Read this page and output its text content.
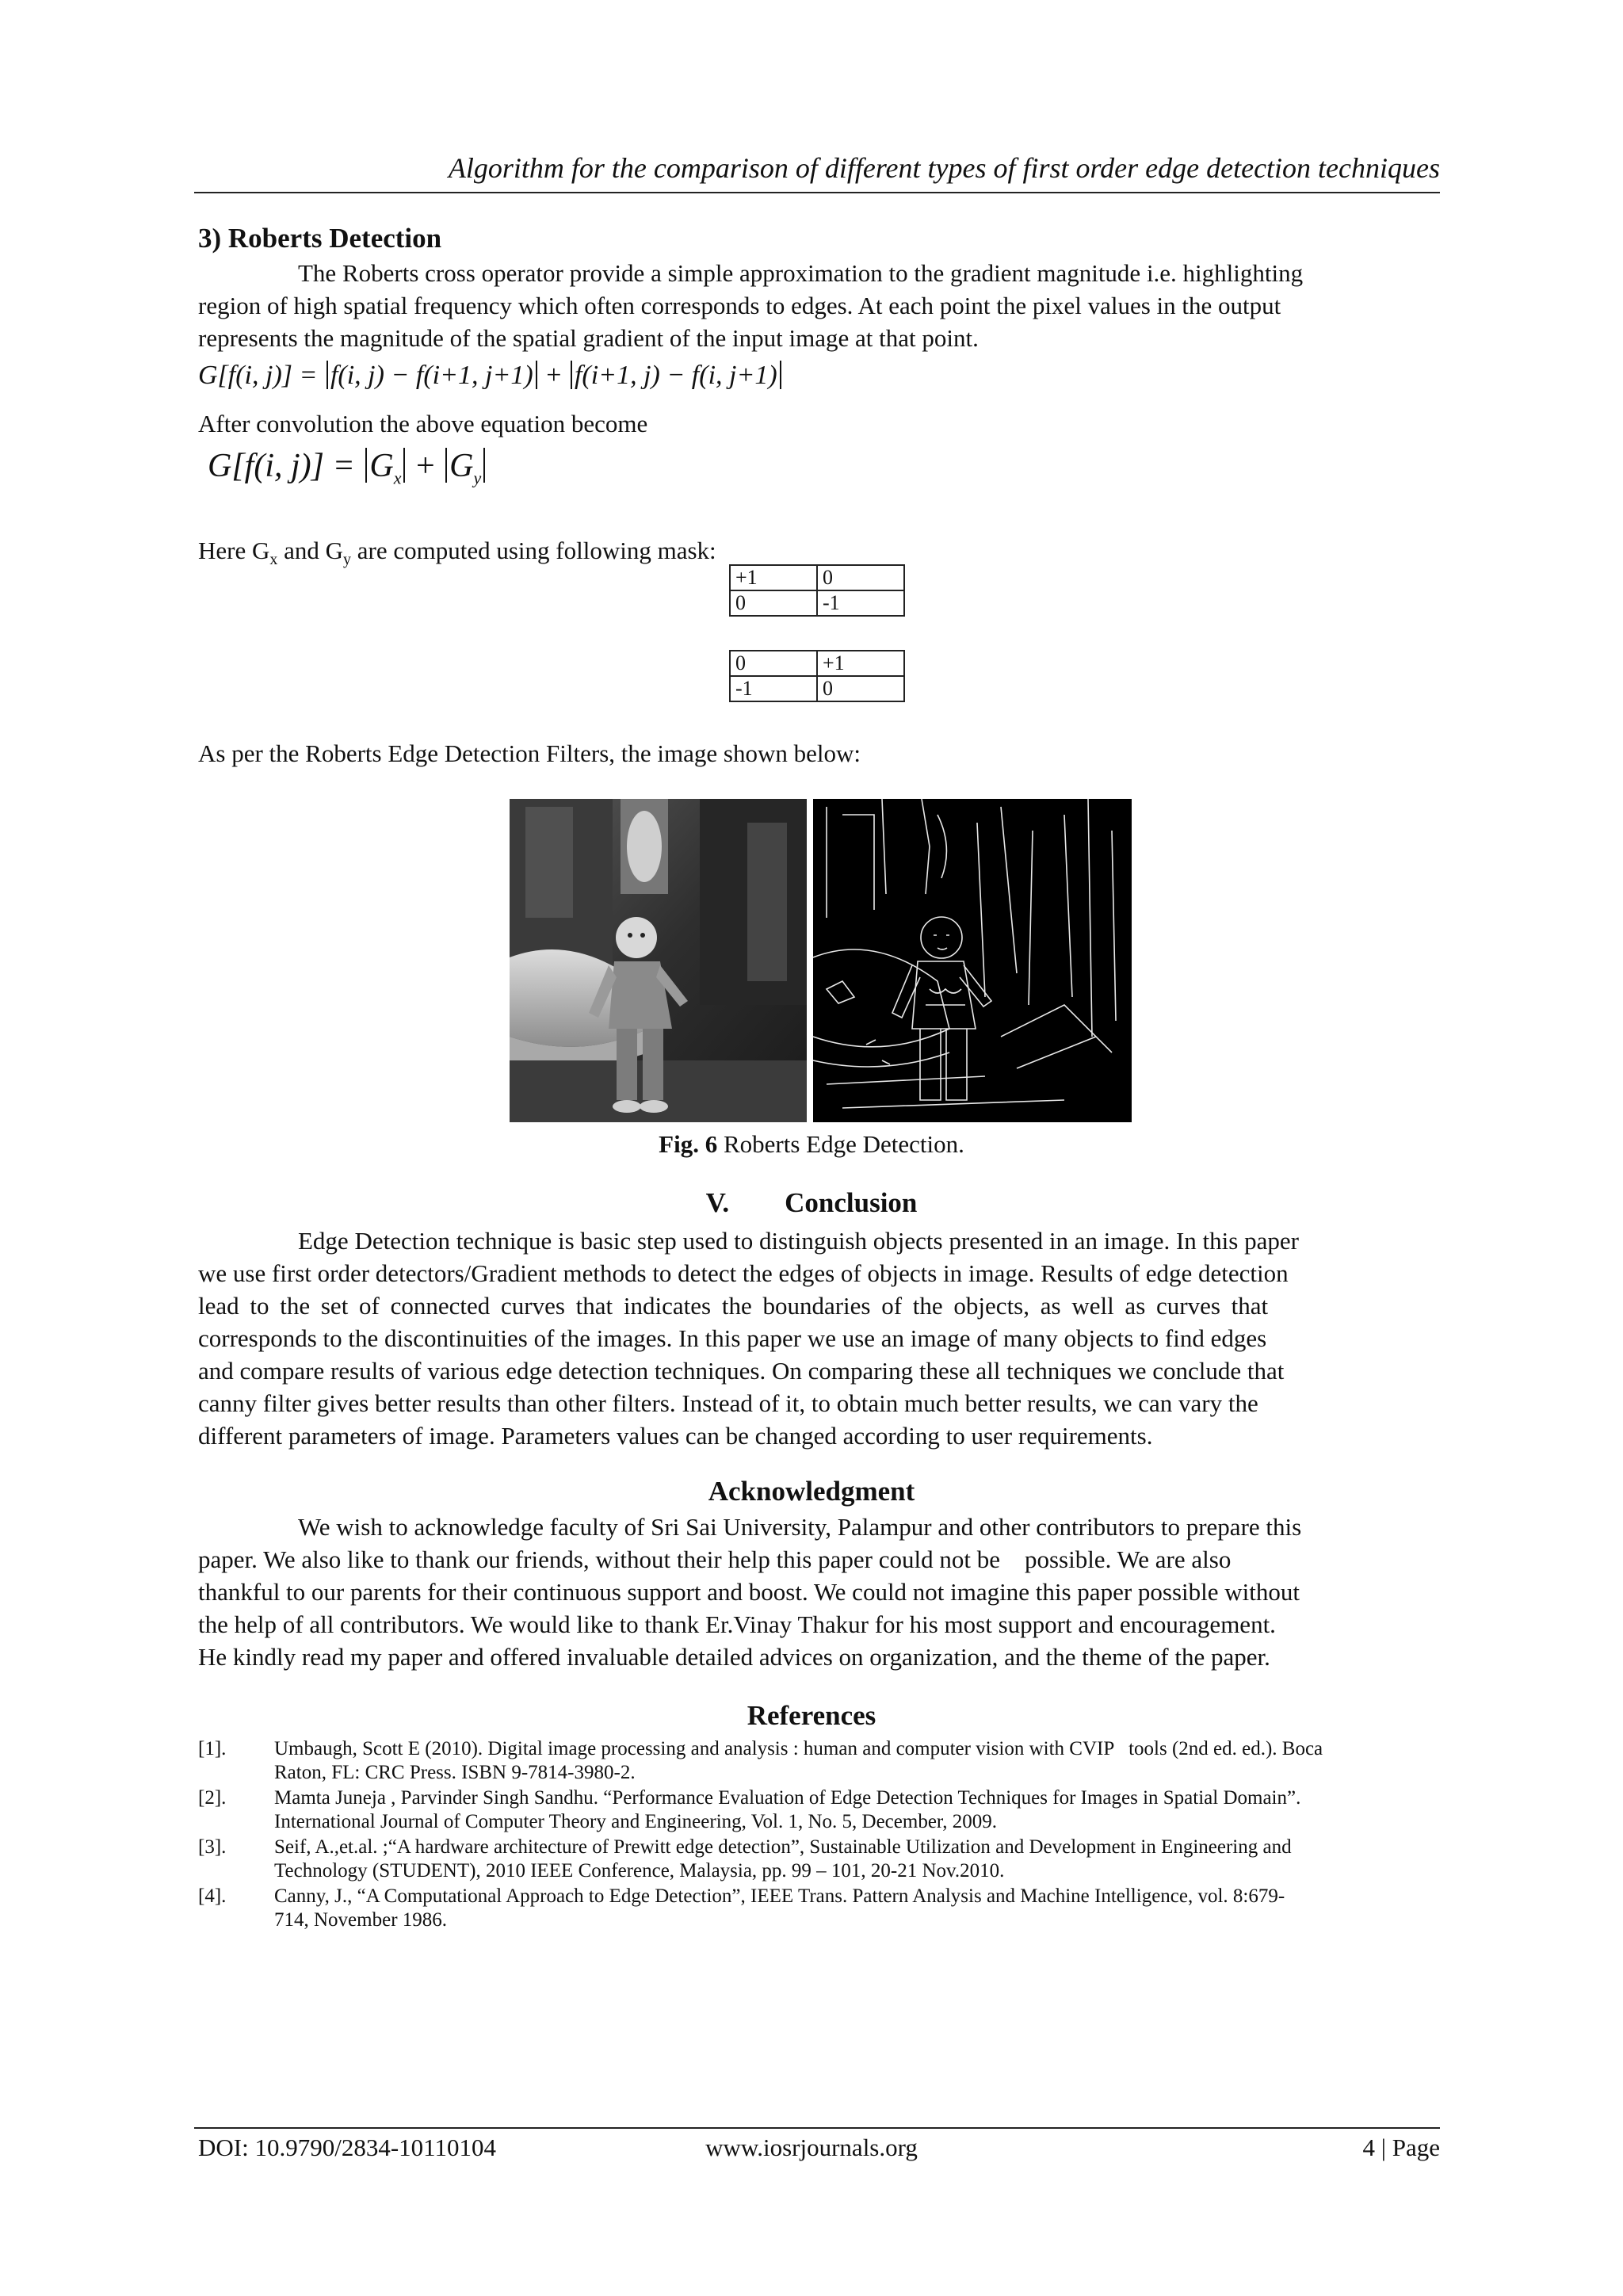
Algorithm for the comparison of different types of first order edge detection techniques
3) Roberts Detection
The Roberts cross operator provide a simple approximation to the gradient magnitude i.e. highlighting
region of high spatial frequency which often corresponds to edges. At each point the pixel values in the output
represents the magnitude of the spatial gradient of the input image at that point.
G[f(i, j)] = f(i, j) − f(i+1, j+1) + f(i+1, j) − f(i, j+1)
After convolution the above equation become
G[f(i, $j)] = G_x + G_y$
Here $G_x$ and $G_y$ are computed using following mask:
+1	0
0	-1
0	+1
-1	0
As per the Roberts Edge Detection Filters, the image shown below:
Fig. 6 Roberts Edge Detection.
V.        Conclusion
Edge Detection technique is basic step used to distinguish objects presented in an image. In this paper
we use first order detectors/Gradient methods to detect the edges of objects in image. Results of edge detection
lead to the set of connected curves that indicates the boundaries of the objects, as well as curves that
corresponds to the discontinuities of the images. In this paper we use an image of many objects to find edges
and compare results of various edge detection techniques. On comparing these all techniques we conclude that
canny filter gives better results than other filters. Instead of it, to obtain much better results, we can vary the
different parameters of image. Parameters values can be changed according to user requirements.
Acknowledgment
We wish to acknowledge faculty of Sri Sai University, Palampur and other contributors to prepare this
paper. We also like to thank our friends, without their help this paper could not be    possible. We are also
thankful to our parents for their continuous support and boost. We could not imagine this paper possible without
the help of all contributors. We would like to thank Er.Vinay Thakur for his most support and encouragement.
He kindly read my paper and offered invaluable detailed advices on organization, and the theme of the paper.
References
[1]. Umbaugh, Scott E (2010). Digital image processing and analysis : human and computer vision with CVIP   tools (2nd ed. ed.). Boca
Raton, FL: CRC Press. ISBN 9-7814-3980-2.
[2]. Mamta Juneja , Parvinder Singh Sandhu. “Performance Evaluation of Edge Detection Techniques for Images in Spatial Domain”.
International Journal of Computer Theory and Engineering, Vol. 1, No. 5, December, 2009.
[3]. Seif, A.,et.al. ;“A hardware architecture of Prewitt edge detection”, Sustainable Utilization and Development in Engineering and
Technology (STUDENT), 2010 IEEE Conference, Malaysia, pp. 99 – 101, 20-21 Nov.2010.
[4]. Canny, J., “A Computational Approach to Edge Detection”, IEEE Trans. Pattern Analysis and Machine Intelligence, vol. 8:679-
714, November 1986.
DOI: 10.9790/2834-10110104	www.iosrjournals.org	4 | Page
